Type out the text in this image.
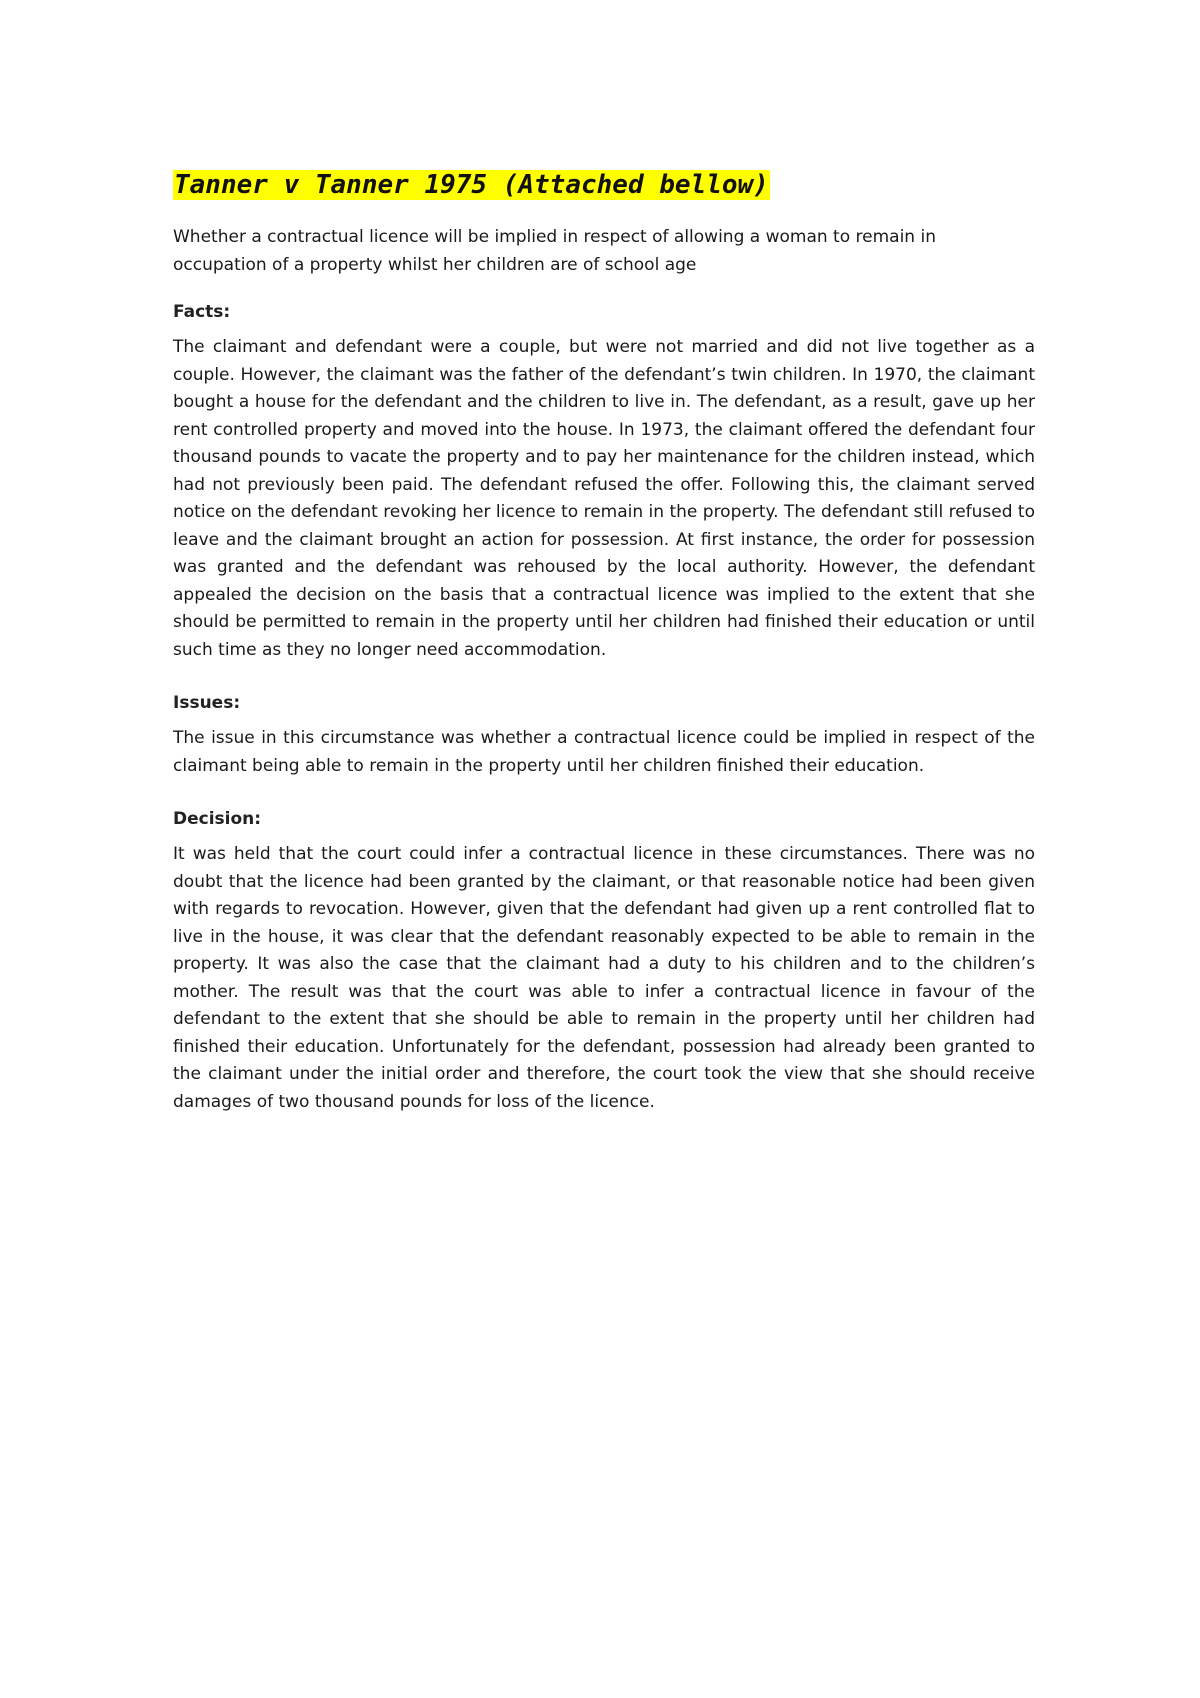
Tanner v Tanner 1975 (Attached bellow)

Whether a contractual licence will be implied in respect of allowing a woman to remain in occupation of a property whilst her children are of school age

Facts:

The claimant and defendant were a couple, but were not married and did not live together as a couple. However, the claimant was the father of the defendant’s twin children. In 1970, the claimant bought a house for the defendant and the children to live in. The defendant, as a result, gave up her rent controlled property and moved into the house. In 1973, the claimant offered the defendant four thousand pounds to vacate the property and to pay her maintenance for the children instead, which had not previously been paid. The defendant refused the offer. Following this, the claimant served notice on the defendant revoking her licence to remain in the property. The defendant still refused to leave and the claimant brought an action for possession. At first instance, the order for possession was granted and the defendant was rehoused by the local authority. However, the defendant appealed the decision on the basis that a contractual licence was implied to the extent that she should be permitted to remain in the property until her children had finished their education or until such time as they no longer need accommodation.

Issues:

The issue in this circumstance was whether a contractual licence could be implied in respect of the claimant being able to remain in the property until her children finished their education.

Decision:

It was held that the court could infer a contractual licence in these circumstances. There was no doubt that the licence had been granted by the claimant, or that reasonable notice had been given with regards to revocation. However, given that the defendant had given up a rent controlled flat to live in the house, it was clear that the defendant reasonably expected to be able to remain in the property. It was also the case that the claimant had a duty to his children and to the children’s mother. The result was that the court was able to infer a contractual licence in favour of the defendant to the extent that she should be able to remain in the property until her children had finished their education. Unfortunately for the defendant, possession had already been granted to the claimant under the initial order and therefore, the court took the view that she should receive damages of two thousand pounds for loss of the licence.
